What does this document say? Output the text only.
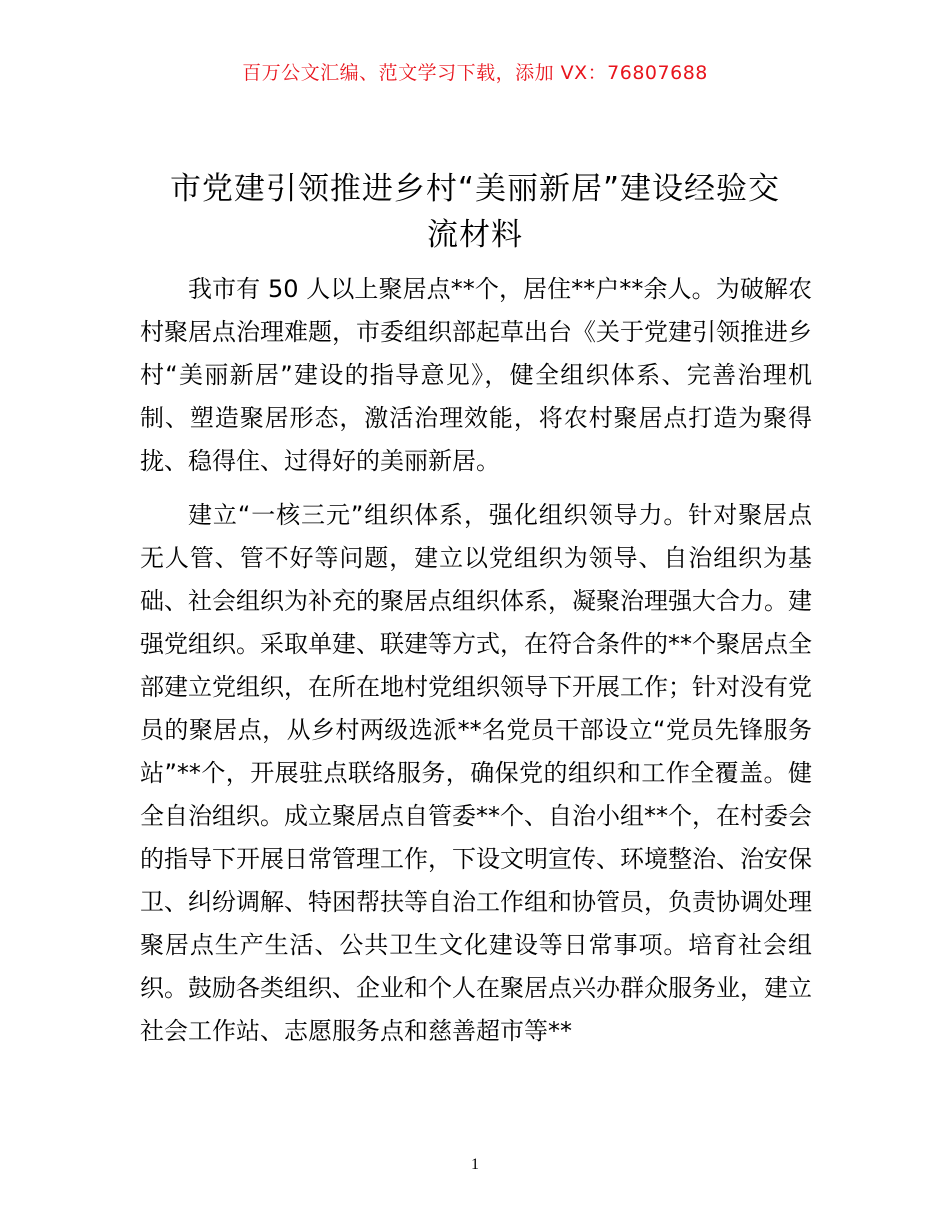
百万公文汇编、范文学习下载，添加 VX：76807688
市党建引领推进乡村“美丽新居”建设经验交
流材料

我市有 50 人以上聚居点**个，居住**户**余人。为破解农村聚居点治理难题，市委组织部起草出台《关于党建引领推进乡村“美丽新居”建设的指导意见》，健全组织体系、完善治理机制、塑造聚居形态，激活治理效能，将农村聚居点打造为聚得拢、稳得住、过得好的美丽新居。

建立“一核三元”组织体系，强化组织领导力。针对聚居点无人管、管不好等问题，建立以党组织为领导、自治组织为基础、社会组织为补充的聚居点组织体系，凝聚治理强大合力。建强党组织。采取单建、联建等方式，在符合条件的**个聚居点全部建立党组织，在所在地村党组织领导下开展工作；针对没有党员的聚居点，从乡村两级选派**名党员干部设立“党员先锋服务站”**个，开展驻点联络服务，确保党的组织和工作全覆盖。健全自治组织。成立聚居点自管委**个、自治小组**个，在村委会的指导下开展日常管理工作，下设文明宣传、环境整治、治安保卫、纠纷调解、特困帮扶等自治工作组和协管员，负责协调处理聚居点生产生活、公共卫生文化建设等日常事项。培育社会组织。鼓励各类组织、企业和个人在聚居点兴办群众服务业，建立社会工作站、志愿服务点和慈善超市等**

1
